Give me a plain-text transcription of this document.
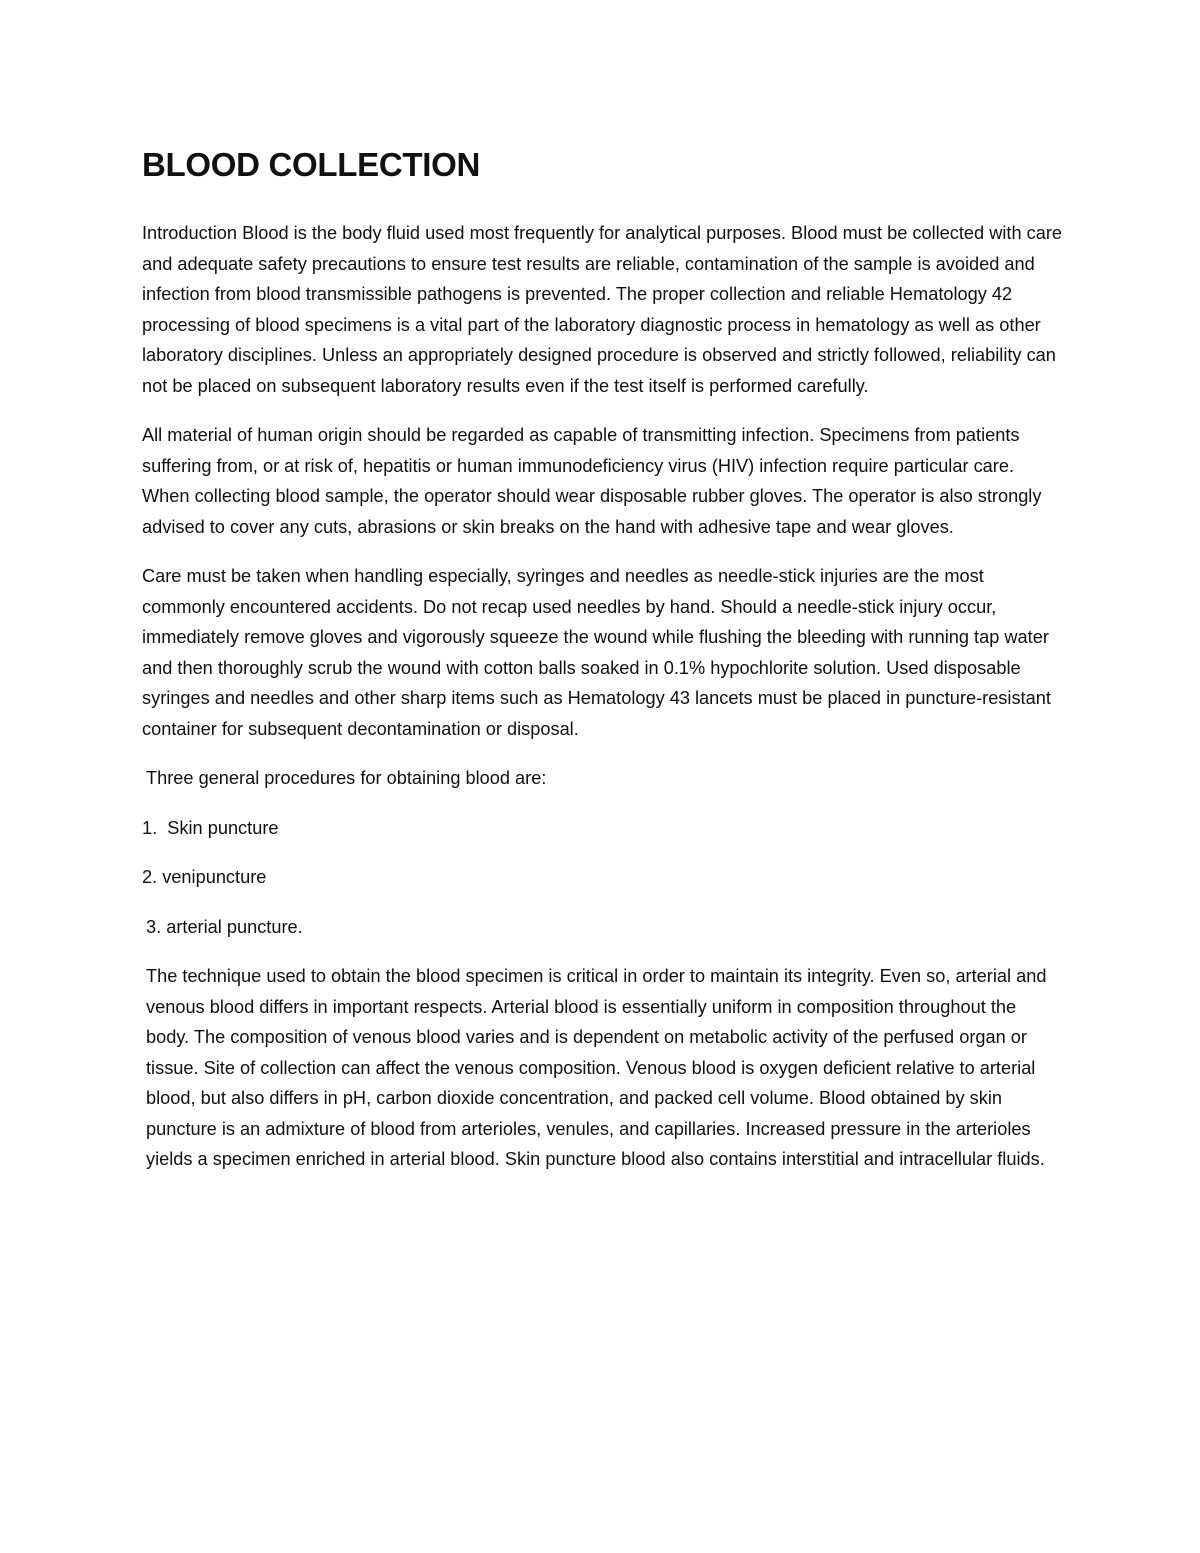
BLOOD COLLECTION

Introduction Blood is the body fluid used most frequently for analytical purposes. Blood must be collected with care and adequate safety precautions to ensure test results are reliable, contamination of the sample is avoided and infection from blood transmissible pathogens is prevented. The proper collection and reliable Hematology 42 processing of blood specimens is a vital part of the laboratory diagnostic process in hematology as well as other laboratory disciplines. Unless an appropriately designed procedure is observed and strictly followed, reliability can not be placed on subsequent laboratory results even if the test itself is performed carefully.

All material of human origin should be regarded as capable of transmitting infection. Specimens from patients suffering from, or at risk of, hepatitis or human immunodeficiency virus (HIV) infection require particular care. When collecting blood sample, the operator should wear disposable rubber gloves. The operator is also strongly advised to cover any cuts, abrasions or skin breaks on the hand with adhesive tape and wear gloves.

Care must be taken when handling especially, syringes and needles as needle-stick injuries are the most commonly encountered accidents. Do not recap used needles by hand. Should a needle-stick injury occur, immediately remove gloves and vigorously squeeze the wound while flushing the bleeding with running tap water and then thoroughly scrub the wound with cotton balls soaked in 0.1% hypochlorite solution. Used disposable syringes and needles and other sharp items such as Hematology 43 lancets must be placed in puncture-resistant container for subsequent decontamination or disposal.

Three general procedures for obtaining blood are:

1.  Skin puncture

2. venipuncture

3. arterial puncture.

The technique used to obtain the blood specimen is critical in order to maintain its integrity. Even so, arterial and venous blood differs in important respects. Arterial blood is essentially uniform in composition throughout the body. The composition of venous blood varies and is dependent on metabolic activity of the perfused organ or tissue. Site of collection can affect the venous composition. Venous blood is oxygen deficient relative to arterial blood, but also differs in pH, carbon dioxide concentration, and packed cell volume. Blood obtained by skin puncture is an admixture of blood from arterioles, venules, and capillaries. Increased pressure in the arterioles yields a specimen enriched in arterial blood. Skin puncture blood also contains interstitial and intracellular fluids.
